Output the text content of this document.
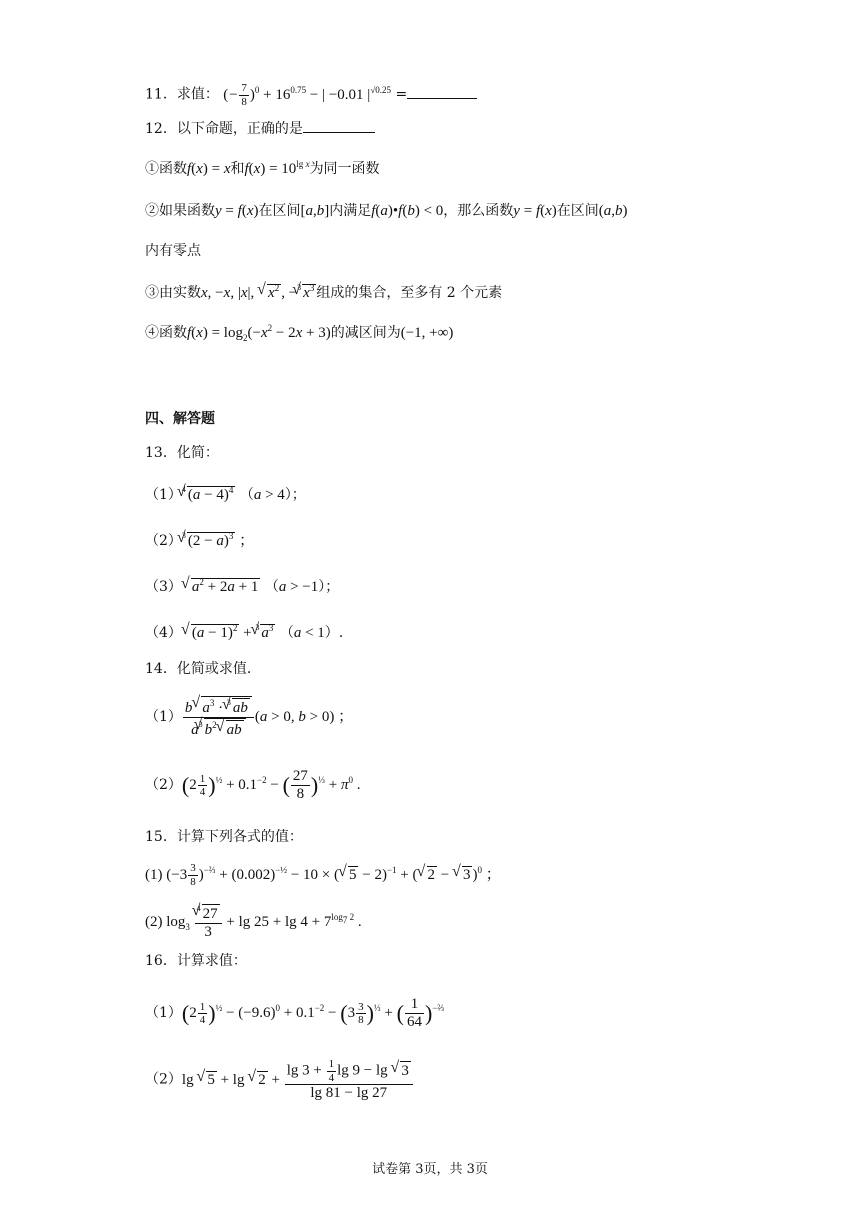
11．求值： (− $\frac{7}{8} )^0 + 16^{0.75}$ − | −0.01 $|^{√0.25}$ =
12．以下命题，正确的是
①函数f(x) = x和$f(x) = 10^{lg x}$为同一函数
②如果函数y = f(x)在区间[a,b]内满足f(a)•f(b) < 0，那么函数y = f(x)在区间(a,b)
内有零点
③由实数x, −x, |x|, √ $x^2$ , −$^3$√ $x^3$ 组成的集合，至多有 2 个元素
④函数$f(x) = \log_2(-x^2 - 2x + 3)$的减区间为(−1, +∞)
四、解答题
13．化简：
$(1)^4√$ $(a - 4)^4$ （a > 4）；
$(2)^3√$ $(2 - a)^3$ ；
（3）√ $a^2 + 2a + 1$ （a > −1）；
（4）√ $(a - 1)^2 + ^3√$ $a^3$ （a < 1）.
14．化简或求值．
$(1) \frac{b√ a^3 \cdot ^3√ ab}{a^3√ b^2√ ab} (a > 0$, b > 0) ；
$(2)(2 \frac{1}{4} )^{\frac{1}{2}} + 0.1^{-2}$ − ( $\frac{27}{8} )^{\frac{1}{3}} + \pi^0$ .
15．计算下列各式的值：
(1) $(-3 \frac{3}{8} )^{-\frac{2}{3}} + (0.002)^{-\frac{1}{2}} - 10$ × (√ 5 − 2)$^{-1}$ + (√ 2 − √ 3 )$^0$ ；
(2) $\log_3 \frac{^4√ 27}{3} + \lg 25 + \lg 4 + 7^{log_7 2}$ .
16．计算求值：
$(1)(2 \frac{1}{4} )^{\frac{1}{2}} - (-9.6)^0 + 0.1^{-2} - (3 \frac{3}{8} )^{\frac{1}{3}}$ + ( $\frac{1}{64} )^{-\frac{2}{3}}$
（2）lg √ 5 + lg √ $2 + \frac{\lg 3 + \frac{1}{4} \lg 9 - \lg √ 3}{\lg 81 - \lg 27}$
试卷第 3页，共 3页
